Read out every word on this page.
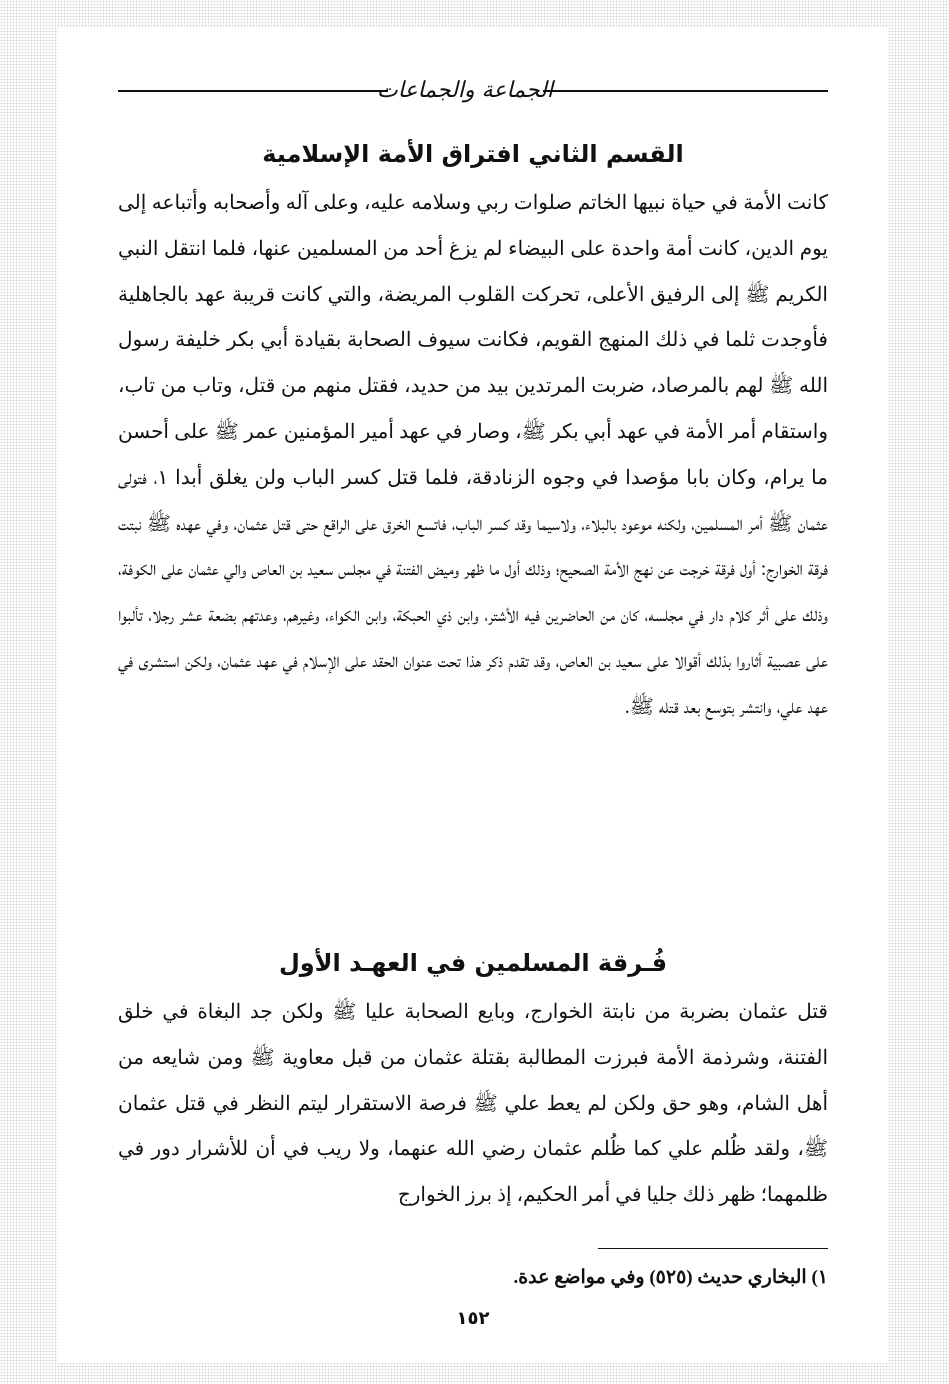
الجماعة والجماعات
القسم الثاني افتراق الأمة الإسلامية
كانت الأمة في حياة نبيها الخاتم صلوات ربي وسلامه عليه، وعلى آله وأصحابه وأتباعه إلى يوم الدين، كانت أمة واحدة على البيضاء لم يزغ أحد من المسلمين عنها، فلما انتقل النبي الكريم ﷺ إلى الرفيق الأعلى، تحركت القلوب المريضة، والتي كانت قريبة عهد بالجاهلية فأوجدت ثلما في ذلك المنهج القويم، فكانت سيوف الصحابة بقيادة أبي بكر خليفة رسول الله ﷺ لهم بالمرصاد، ضربت المرتدين بيد من حديد، فقتل منهم من قتل، وتاب من تاب، واستقام أمر الأمة في عهد أبي بكر ﷺ، وصار في عهد أمير المؤمنين عمر ﷺ على أحسن ما يرام، وكان بابا مؤصدا في وجوه الزنادقة، فلما قتل كسر الباب ولن يغلق أبدا ١، فتولى عثمان ﷺ أمر المسلمين، ولكنه موعود بالبلاء، ولاسيما وقد كسر الباب، فاتسع الخرق على الراقع حتى قتل عثمان، وفي عهده ﷺ نبتت فرقة الخوارج: أول فرقة خرجت عن نهج الأمة الصحيح؛ وذلك أول ما ظهر وميض الفتنة في مجلس سعيد بن العاص والي عثمان على الكوفة، وذلك على أثر كلام دار في مجلسه، كان من الحاضرين فيه الأشتر، وابن ذي الحبكة، وابن الكواء، وغيرهم، وعدتهم بضعة عشر رجلا، تألبوا على عصبية أثاروا بذلك أقوالا على سعيد بن العاص، وقد تقدم ذكر هذا تحت عنوان الحقد على الإسلام في عهد عثمان، ولكن استشرى في عهد علي، وانتشر بتوسع بعد قتله ﷺ.
فُـرقة المسلمين في العهـد الأول
قتل عثمان بضربة من نابتة الخوارج، وبايع الصحابة عليا ﷺ ولكن جد البغاة في خلق الفتنة، وشرذمة الأمة فبرزت المطالبة بقتلة عثمان من قبل معاوية ﷺ ومن شايعه من أهل الشام، وهو حق ولكن لم يعط علي ﷺ فرصة الاستقرار ليتم النظر في قتل عثمان ﷺ، ولقد ظُلم علي كما ظُلم عثمان رضي الله عنهما، ولا ريب في أن للأشرار دور في ظلمهما؛ ظهر ذلك جليا في أمر الحكيم، إذ برز الخوارج
١) البخاري حديث (٥٢٥) وفي مواضع عدة.
١٥٢
